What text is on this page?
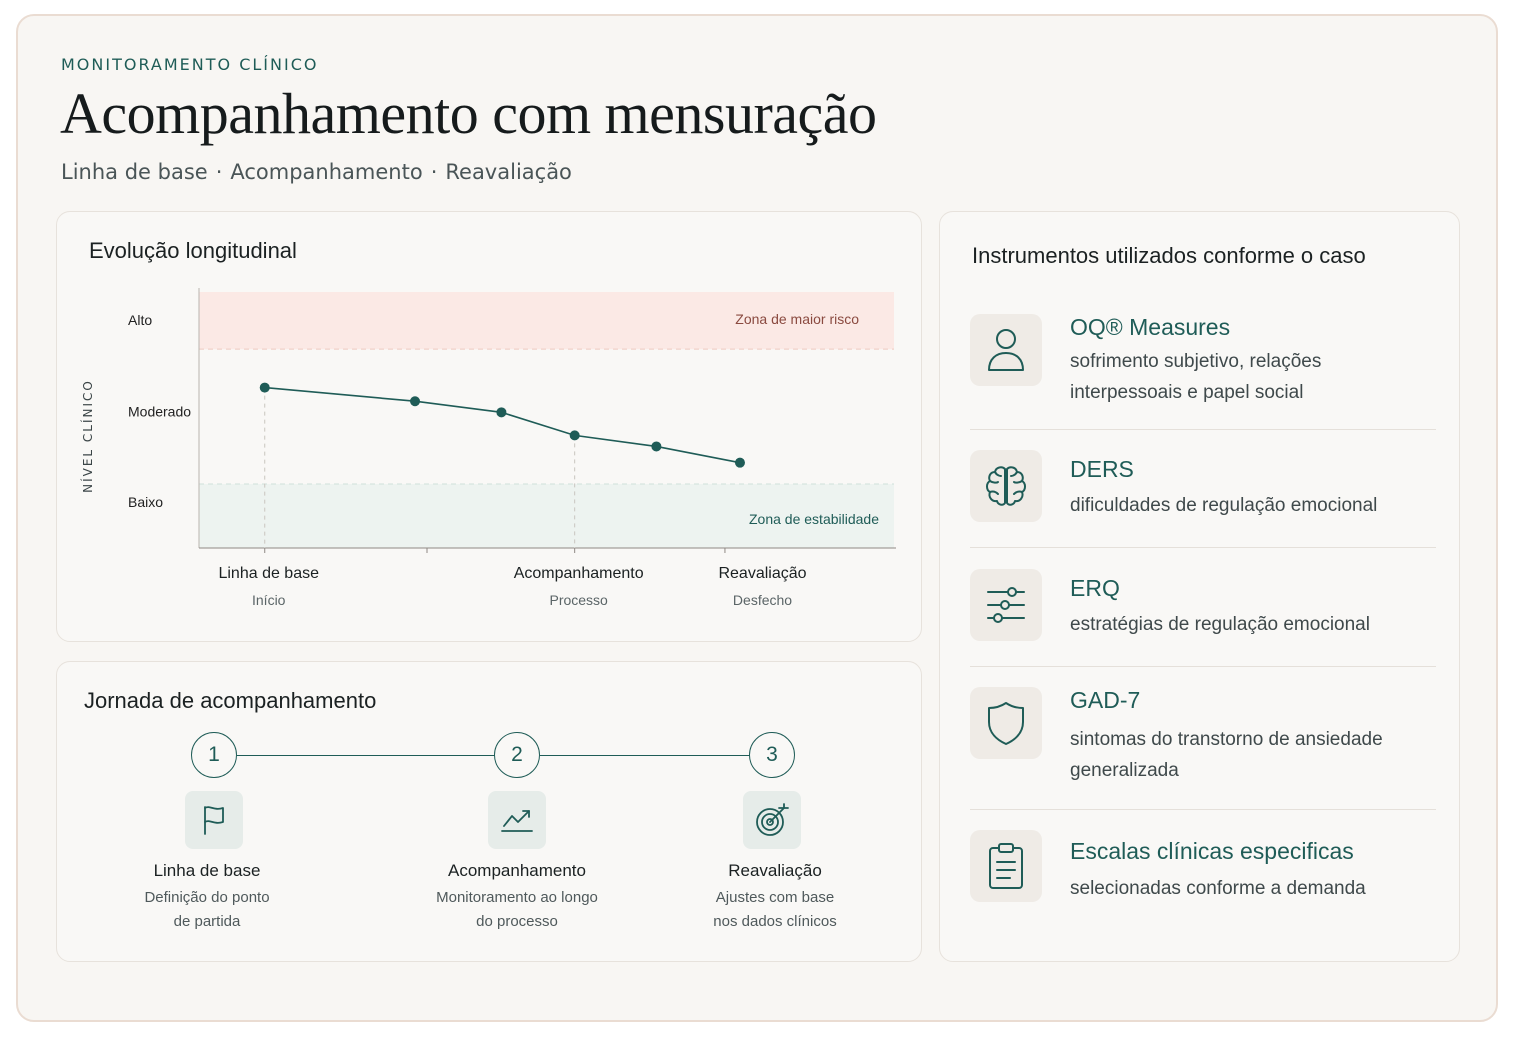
MONITORAMENTO CLÍNICO
Acompanhamento com mensuração
Linha de base · Acompanhamento · Reavaliação
Evolução longitudinal
Zona de maior risco
Zona de estabilidade
Alto
Moderado
Baixo
NÍVEL CLÍNICO
Linha de base
Início
Acompanhamento
Processo
Reavaliação
Desfecho
Jornada de acompanhamento
1
Linha de base
Definição do ponto
de partida
2
Acompanhamento
Monitoramento ao longo
do processo
3
Reavaliação
Ajustes com base
nos dados clínicos
Instrumentos utilizados conforme o caso
OQ® Measures
sofrimento subjetivo, relações interpessoais e papel social
DERS
dificuldades de regulação emocional
ERQ
estratégias de regulação emocional
GAD-7
sintomas do transtorno de ansiedade generalizada
Escalas clínicas especificas
selecionadas conforme a demanda
